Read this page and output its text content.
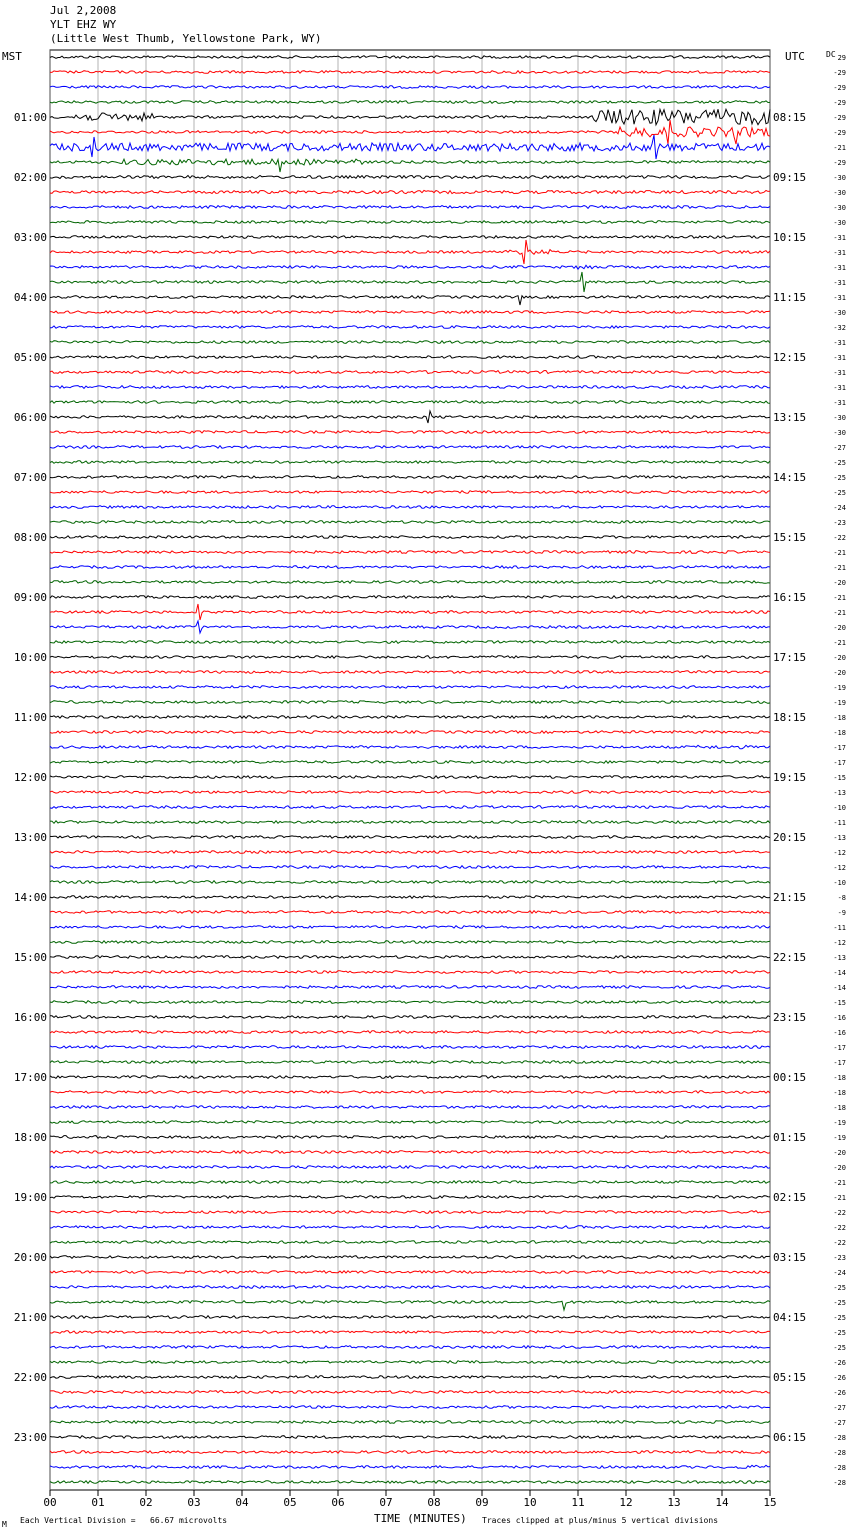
00	01	02	03	04	05	06	07	08	09	10	11	12	13	14	15
29
-29
-29
-29
-29
-29
-21
-29
-30
-30
-30
-30
-31
-31
-31
-31
-31
-30
-32
-31
-31
-31
-31
-31
-30
-30
-27
-25
-25
-25
-24
-23
-22
-21
-21
-20
-21
-21
-20
-21
-20
-20
-19
-19
-18
-18
-17
-17
-15
-13
-10
-11
-13
-12
-12
-10
-8
-9
-11
-12
-13
-14
-14
-15
-16
-16
-17
-17
-18
-18
-18
-19
-19
-20
-20
-21
-21
-22
-22
-22
-23
-24
-25
-25
-25
-25
-25
-26
-26
-26
-27
-27
-28
-28
-28
-28
01:00
02:00
03:00
04:00
05:00
06:00
07:00
08:00
09:00
10:00
11:00
12:00
13:00
14:00
15:00
16:00
17:00
18:00
19:00
20:00
21:00
22:00
23:00
08:15
09:15
10:15
11:15
12:15
13:15
14:15
15:15
16:15
17:15
18:15
19:15
20:15
21:15
22:15
23:15
00:15
01:15
02:15
03:15
04:15
05:15
06:15
Jul 2,2008
YLT EHZ WY
(Little West Thumb, Yellowstone Park, WY)
MST	UTC	DC
TIME (MINUTES)
Each Vertical Division =   66.67 microvolts	Traces clipped at plus/minus 5 vertical divisions
M
